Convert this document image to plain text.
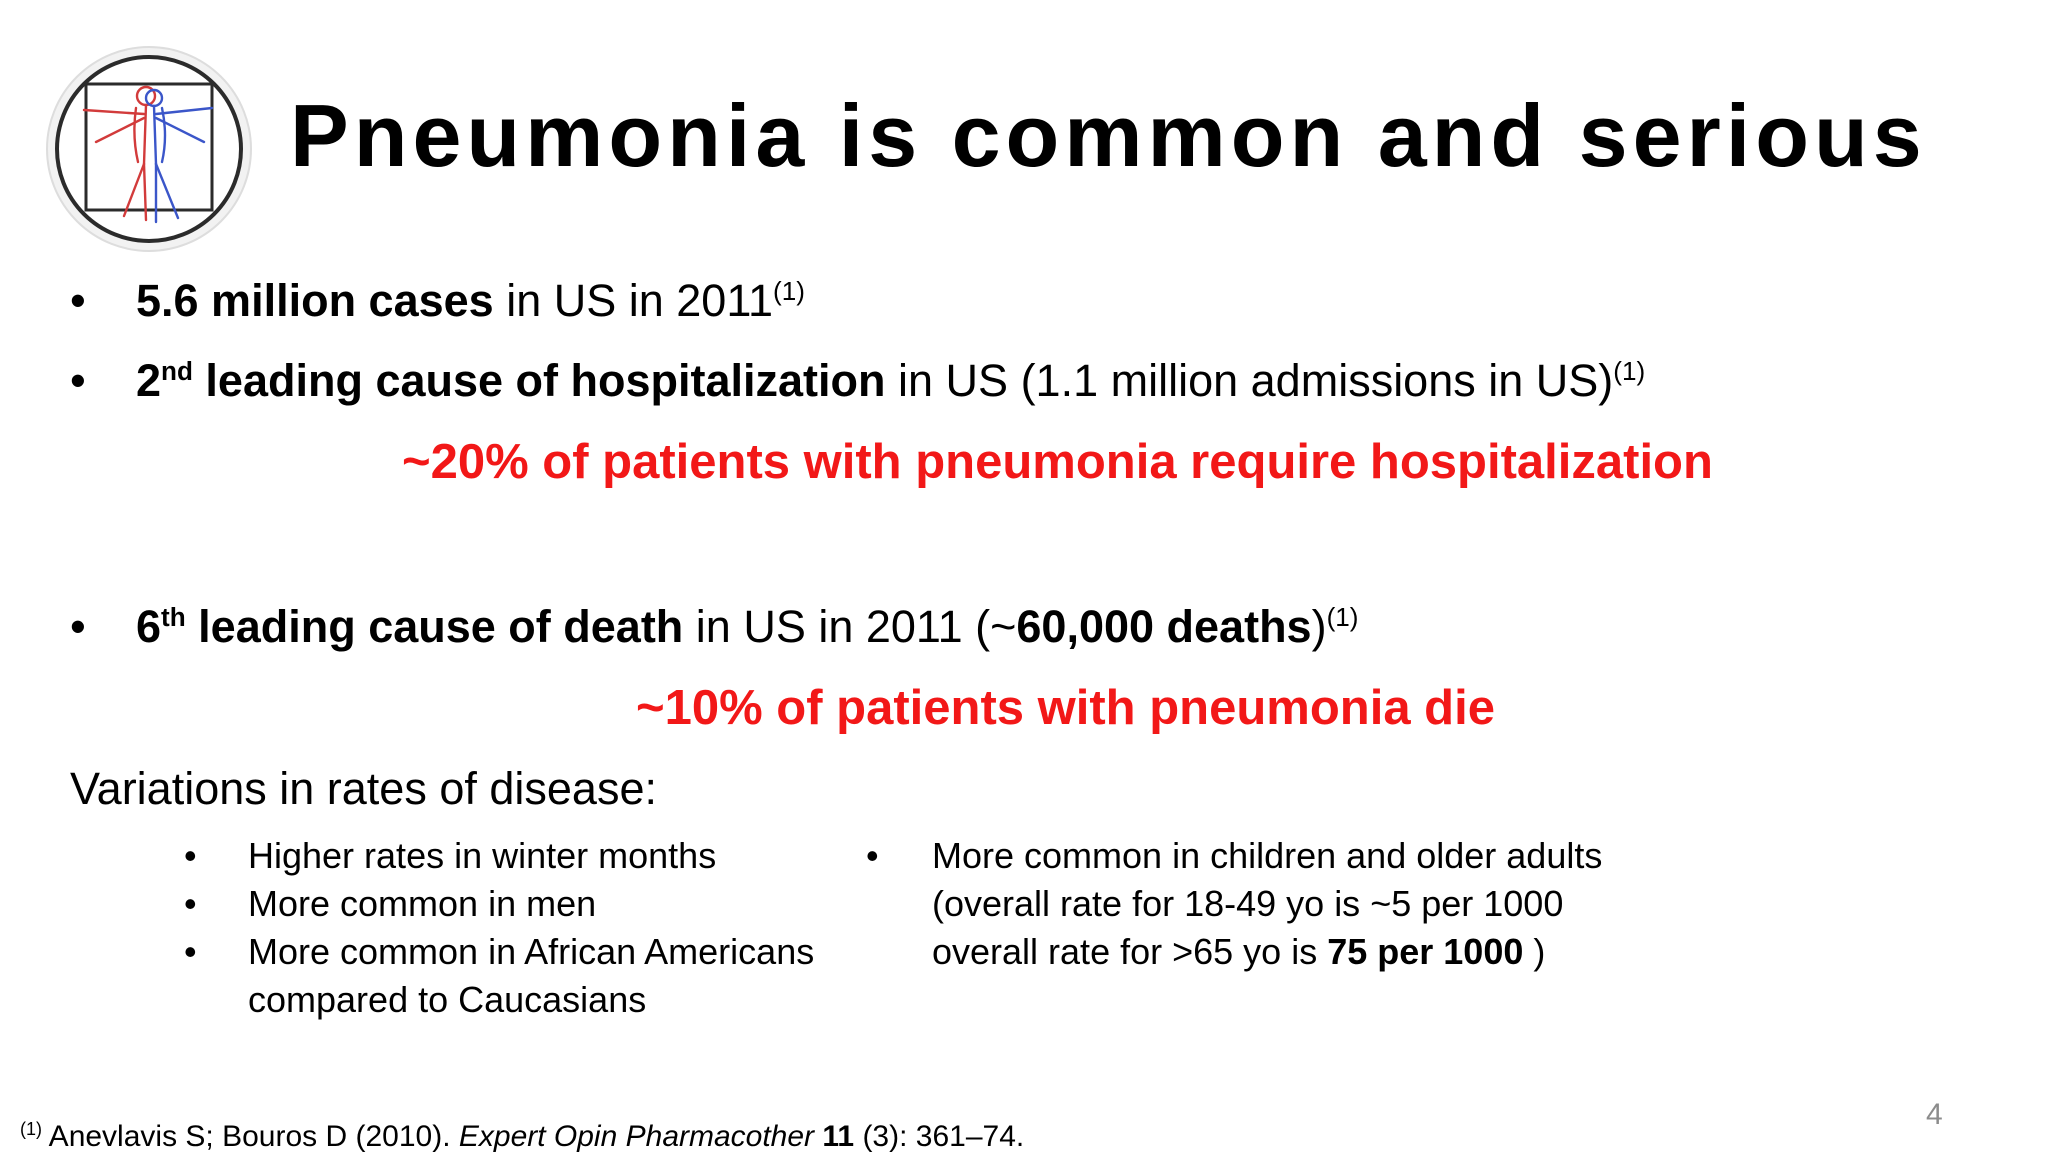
Pneumonia is common and serious
• 5.6 million cases in US in 2011$^{(1)}$
• 2nd leading cause of hospitalization in US (1.1 million admissions in US)$^{(1)}$
~20% of patients with pneumonia require hospitalization
• 6th leading cause of death in US in 2011 (~60,000 deaths)$^{(1)}$
~10% of patients with pneumonia die
Variations in rates of disease:
• Higher rates in winter months
• More common in men
• More common in African Americans
compared to Caucasians
• More common in children and older adults
(overall rate for 18-49 yo is ~5 per 1000
overall rate for >65 yo is 75 per 1000 )
4
$^{(1)}$ Anevlavis S; Bouros D (2010). Expert Opin Pharmacother 11 (3): 361–74.
